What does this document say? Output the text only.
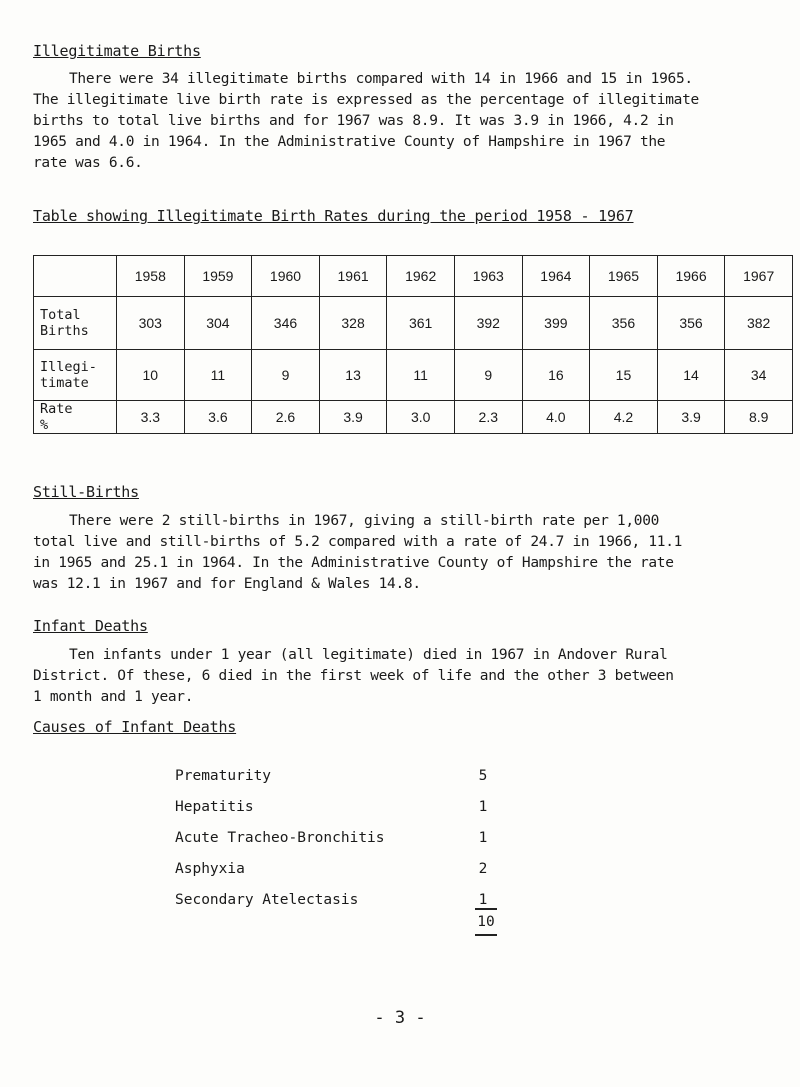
Illegitimate Births

There were 34 illegitimate births compared with 14 in 1966 and 15 in 1965.
The illegitimate live birth rate is expressed as the percentage of illegitimate
births to total live births and for 1967 was 8.9. It was 3.9 in 1966, 4.2 in
1965 and 4.0 in 1964. In the Administrative County of Hampshire in 1967 the
rate was 6.6.

Table showing Illegitimate Birth Rates during the period 1958 - 1967
	1958	1959	1960	1961	1962	1963	1964	1965	1966	1967
Total
Births	303	304	346	328	361	392	399	356	356	382
Illegi-
timate	10	11	9	13	11	9	16	15	14	34
Rate
%	3.3	3.6	2.6	3.9	3.0	2.3	4.0	4.2	3.9	8.9
Still-Births

There were 2 still-births in 1967, giving a still-birth rate per 1,000
total live and still-births of 5.2 compared with a rate of 24.7 in 1966, 11.1
in 1965 and 25.1 in 1964. In the Administrative County of Hampshire the rate
was 12.1 in 1967 and for England & Wales 14.8.

Infant Deaths

Ten infants under 1 year (all legitimate) died in 1967 in Andover Rural
District. Of these, 6 died in the first week of life and the other 3 between
1 month and 1 year.

Causes of Infant Deaths
Prematurity	5
Hepatitis	1
Acute Tracheo-Bronchitis	1
Asphyxia	2
Secondary Atelectasis	1
10
- 3 -
